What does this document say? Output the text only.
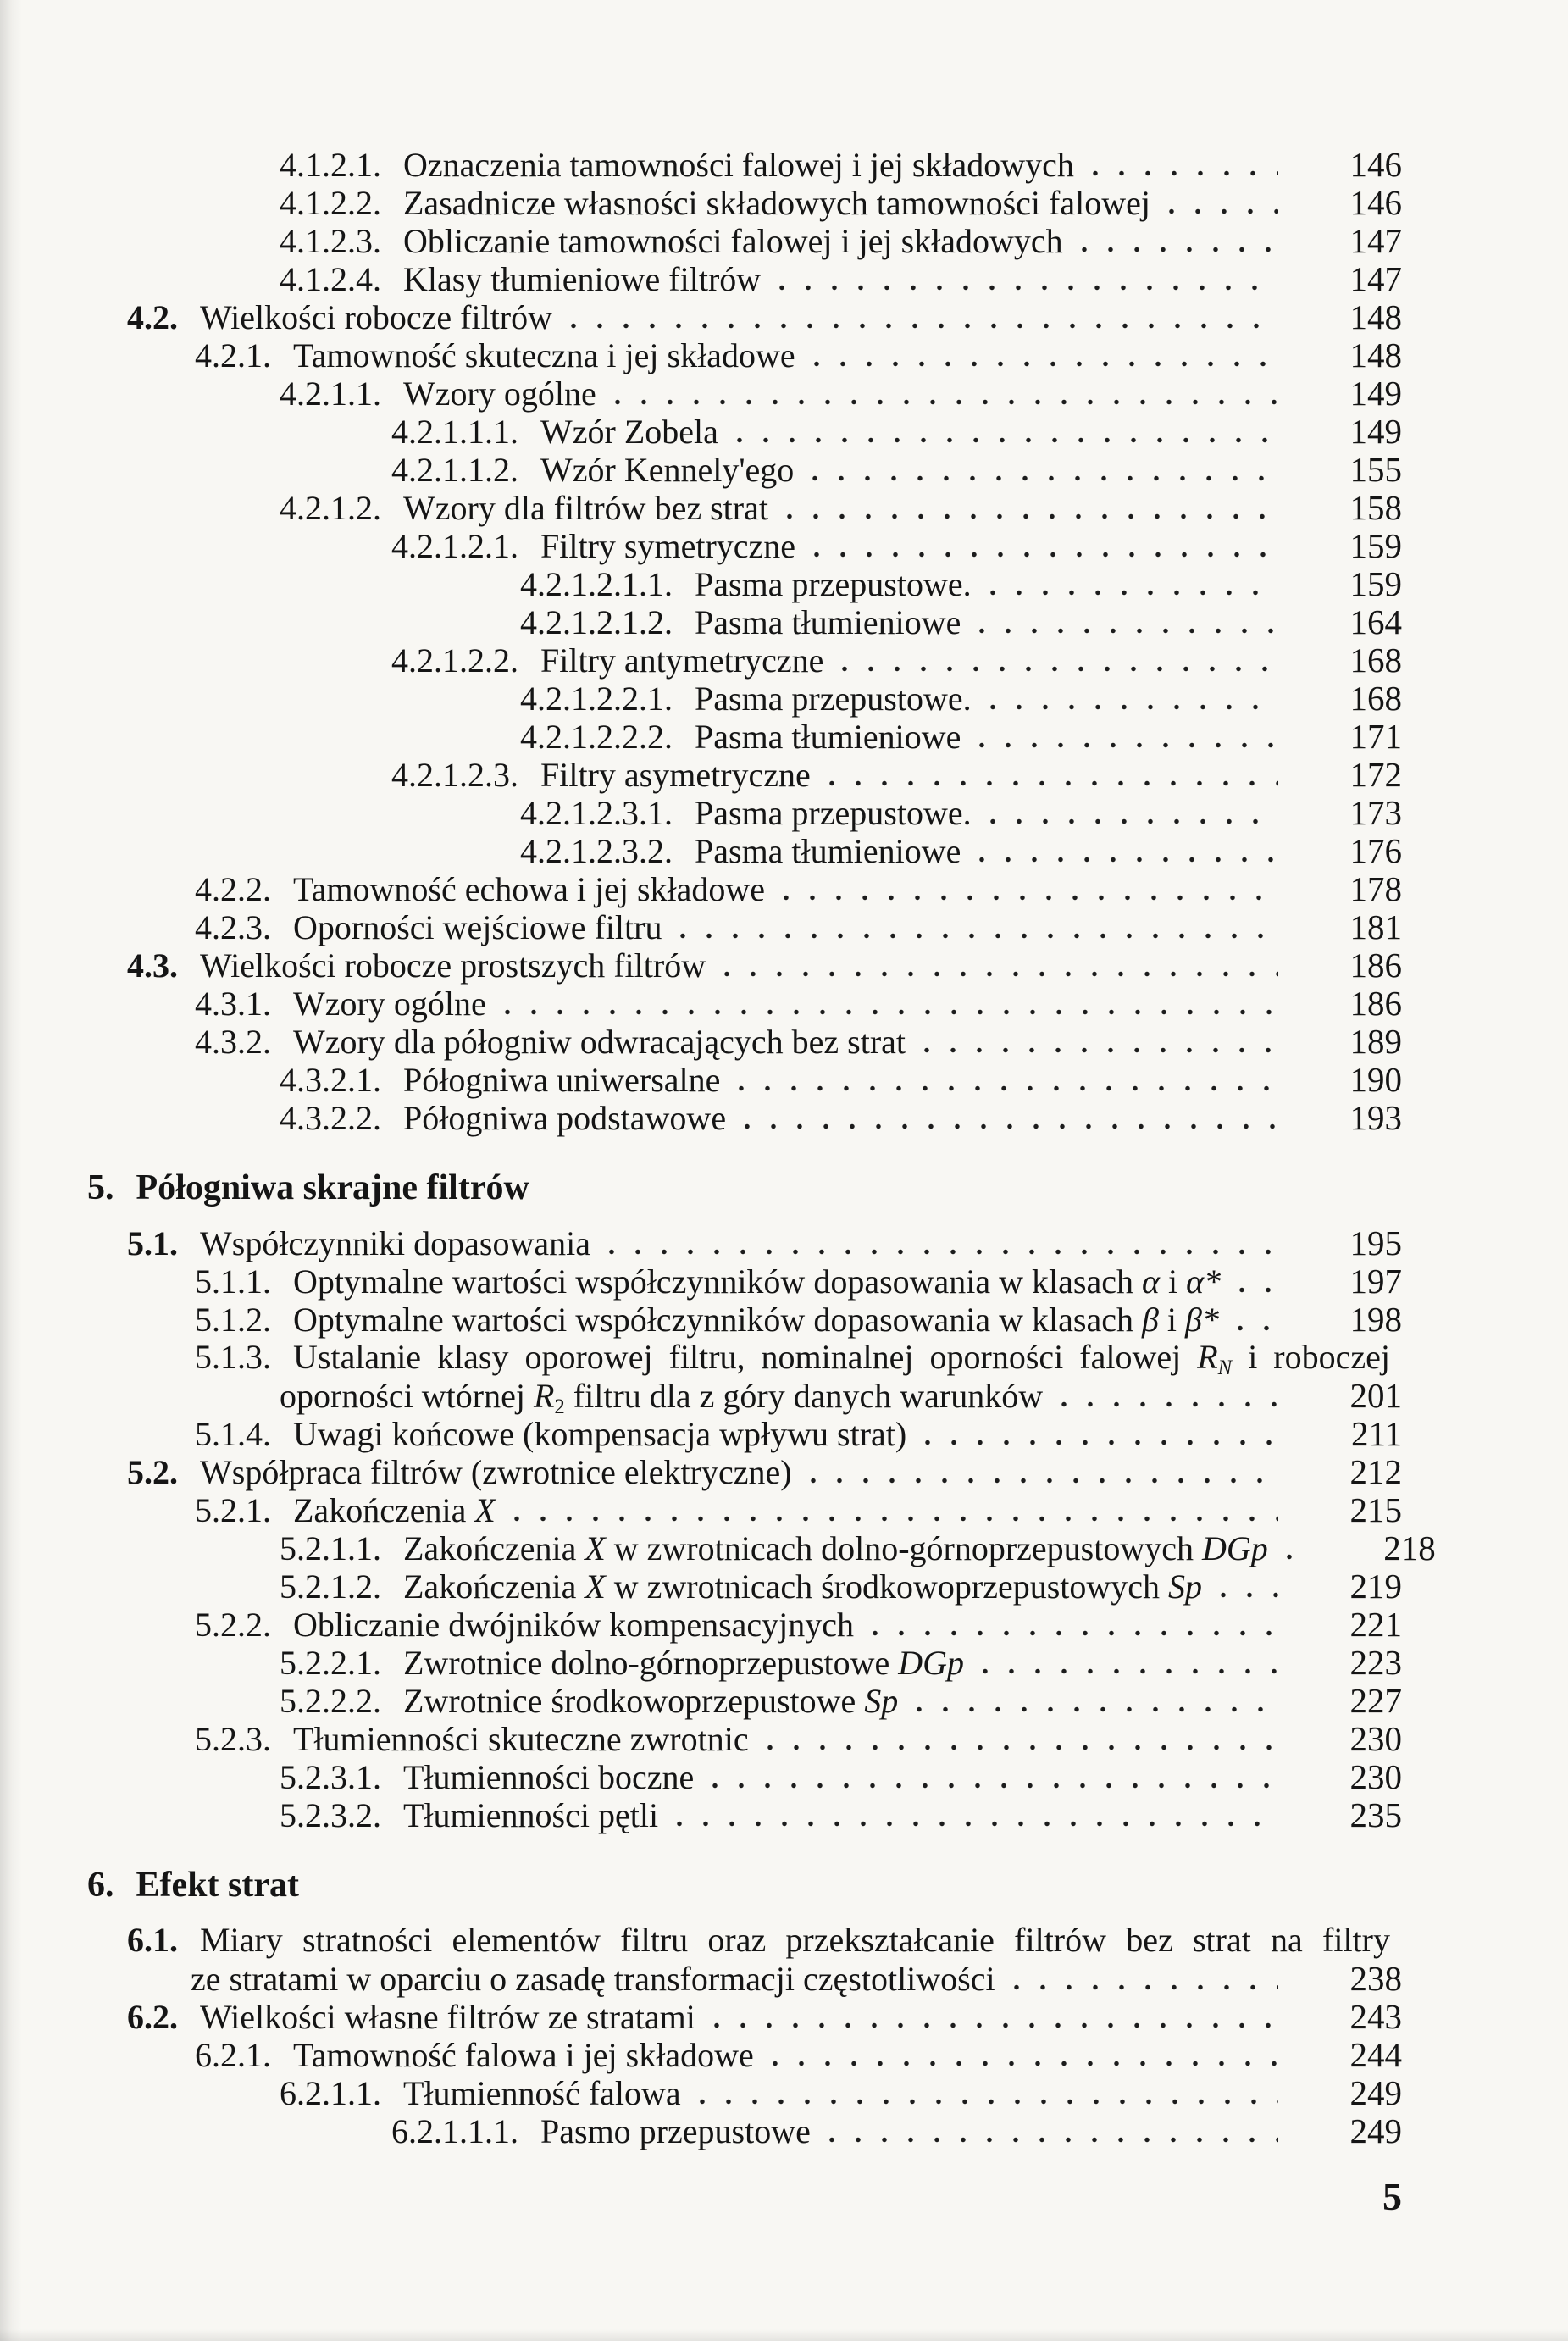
4.1.2.1. Oznaczenia tamowności falowej i jej składowych	146
4.1.2.2. Zasadnicze własności składowych tamowności falowej	146
4.1.2.3. Obliczanie tamowności falowej i jej składowych	147
4.1.2.4. Klasy tłumieniowe filtrów	147
4.2. Wielkości robocze filtrów	148
4.2.1. Tamowność skuteczna i jej składowe	148
4.2.1.1. Wzory ogólne	149
4.2.1.1.1. Wzór Zobela	149
4.2.1.1.2. Wzór Kennely'ego	155
4.2.1.2. Wzory dla filtrów bez strat	158
4.2.1.2.1. Filtry symetryczne	159
4.2.1.2.1.1. Pasma przepustowe.	159
4.2.1.2.1.2. Pasma tłumieniowe	164
4.2.1.2.2. Filtry antymetryczne	168
4.2.1.2.2.1. Pasma przepustowe.	168
4.2.1.2.2.2. Pasma tłumieniowe	171
4.2.1.2.3. Filtry asymetryczne	172
4.2.1.2.3.1. Pasma przepustowe.	173
4.2.1.2.3.2. Pasma tłumieniowe	176
4.2.2. Tamowność echowa i jej składowe	178
4.2.3. Oporności wejściowe filtru	181
4.3. Wielkości robocze prostszych filtrów	186
4.3.1. Wzory ogólne	186
4.3.2. Wzory dla półogniw odwracających bez strat	189
4.3.2.1. Półogniwa uniwersalne	190
4.3.2.2. Półogniwa podstawowe	193
5. Półogniwa skrajne filtrów
5.1. Współczynniki dopasowania	195
5.1.1. Optymalne wartości współczynników dopasowania w klasach α i α*	197
5.1.2. Optymalne wartości współczynników dopasowania w klasach β i β*	198
5.1.3. Ustalanie klasy oporowej filtru, nominalnej oporności falowej $R_N$ i roboczej
oporności wtórnej $R_2$ filtru dla z góry danych warunków	201
5.1.4. Uwagi końcowe (kompensacja wpływu strat)	211
5.2. Współpraca filtrów (zwrotnice elektryczne)	212
5.2.1. Zakończenia X	215
5.2.1.1. Zakończenia X w zwrotnicach dolno-górnoprzepustowych DGp	218
5.2.1.2. Zakończenia X w zwrotnicach środkowoprzepustowych Sp	219
5.2.2. Obliczanie dwójników kompensacyjnych	221
5.2.2.1. Zwrotnice dolno-górnoprzepustowe DGp	223
5.2.2.2. Zwrotnice środkowoprzepustowe Sp	227
5.2.3. Tłumienności skuteczne zwrotnic	230
5.2.3.1. Tłumienności boczne	230
5.2.3.2. Tłumienności pętli	235
6. Efekt strat
6.1. Miary stratności elementów filtru oraz przekształcanie filtrów bez strat na filtry
ze stratami w oparciu o zasadę transformacji częstotliwości	238
6.2. Wielkości własne filtrów ze stratami	243
6.2.1. Tamowność falowa i jej składowe	244
6.2.1.1. Tłumienność falowa	249
6.2.1.1.1. Pasmo przepustowe	249
5
